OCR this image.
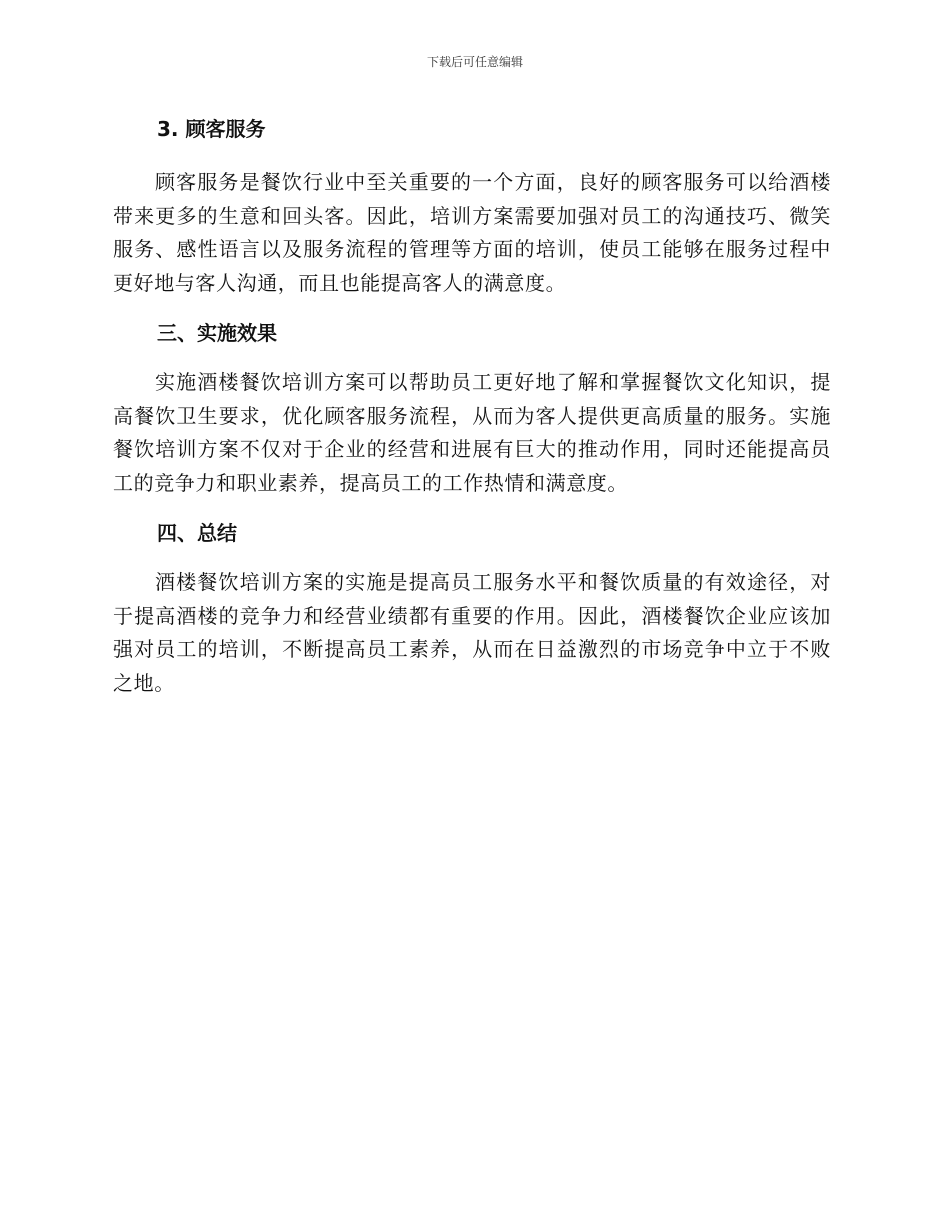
下载后可任意编辑
3. 顾客服务

顾客服务是餐饮行业中至关重要的一个方面，良好的顾客服务可以给酒楼带来更多的生意和回头客。因此，培训方案需要加强对员工的沟通技巧、微笑服务、感性语言以及服务流程的管理等方面的培训，使员工能够在服务过程中更好地与客人沟通，而且也能提高客人的满意度。

三、实施效果

实施酒楼餐饮培训方案可以帮助员工更好地了解和掌握餐饮文化知识，提高餐饮卫生要求，优化顾客服务流程，从而为客人提供更高质量的服务。实施餐饮培训方案不仅对于企业的经营和进展有巨大的推动作用，同时还能提高员工的竞争力和职业素养，提高员工的工作热情和满意度。

四、总结

酒楼餐饮培训方案的实施是提高员工服务水平和餐饮质量的有效途径，对于提高酒楼的竞争力和经营业绩都有重要的作用。因此，酒楼餐饮企业应该加强对员工的培训，不断提高员工素养，从而在日益激烈的市场竞争中立于不败之地。
